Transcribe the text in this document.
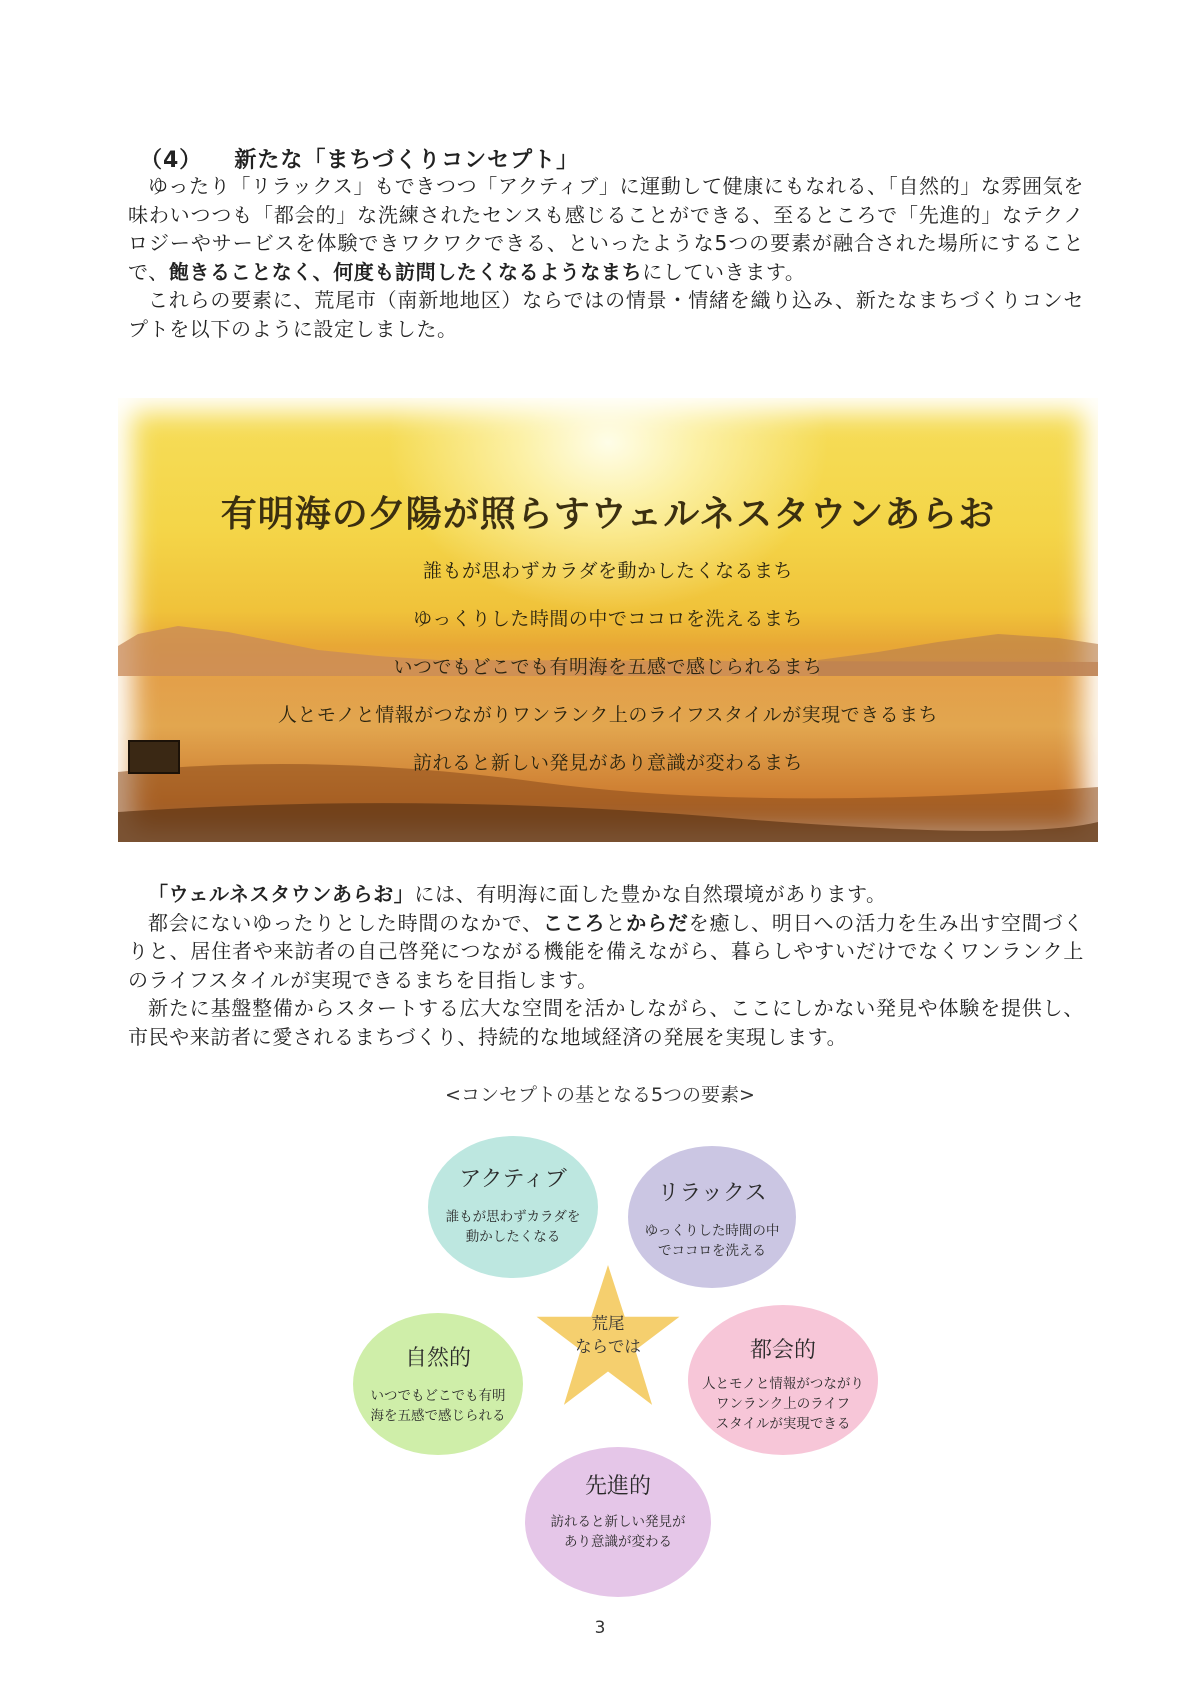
（4） 新たな「まちづくりコンセプト」

ゆったり「リラックス」もできつつ「アクティブ」に運動して健康にもなれる、「自然的」な雰囲気を味わいつつも「都会的」な洗練されたセンスも感じることができる、至るところで「先進的」なテクノロジーやサービスを体験できワクワクできる、といったような5つの要素が融合された場所にすることで、飽きることなく、何度も訪問したくなるようなまちにしていきます。

これらの要素に、荒尾市（南新地地区）ならではの情景・情緒を織り込み、新たなまちづくりコンセプトを以下のように設定しました。

有明海の夕陽が照らすウェルネスタウンあらお
誰もが思わずカラダを動かしたくなるまち
ゆっくりした時間の中でココロを洗えるまち
いつでもどこでも有明海を五感で感じられるまち
人とモノと情報がつながりワンランク上のライフスタイルが実現できるまち
訪れると新しい発見があり意識が変わるまち

「ウェルネスタウンあらお」には、有明海に面した豊かな自然環境があります。

都会にないゆったりとした時間のなかで、こころとからだを癒し、明日への活力を生み出す空間づくりと、居住者や来訪者の自己啓発につながる機能を備えながら、暮らしやすいだけでなくワンランク上のライフスタイルが実現できるまちを目指します。

新たに基盤整備からスタートする広大な空間を活かしながら、ここにしかない発見や体験を提供し、市民や来訪者に愛されるまちづくり、持続的な地域経済の発展を実現します。

<コンセプトの基となる5つの要素>
アクティブ
誰もが思わずカラダを
動かしたくなる
リラックス
ゆっくりした時間の中
でココロを洗える
荒尾
ならでは
自然的
いつでもどこでも有明
海を五感で感じられる
都会的
人とモノと情報がつながり
ワンランク上のライフ
スタイルが実現できる
先進的
訪れると新しい発見が
あり意識が変わる
3
